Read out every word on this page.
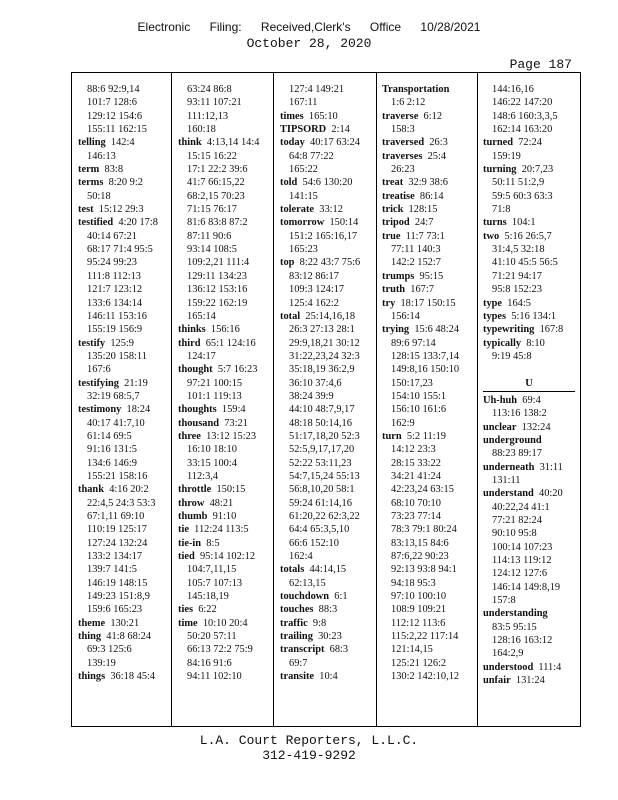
Electronic Filing: Received,Clerk's Office 10/28/2021
October 28, 2020
Page 187
88:6 92:9,14
101:7 128:6
129:12 154:6
155:11 162:15
telling  142:4
146:13
term  83:8
terms  8:20 9:2
50:18
test  15:12 29:3
testified  4:20 17:8
40:14 67:21
68:17 71:4 95:5
95:24 99:23
111:8 112:13
121:7 123:12
133:6 134:14
146:11 153:16
155:19 156:9
testify  125:9
135:20 158:11
167:6
testifying  21:19
32:19 68:5,7
testimony  18:24
40:17 41:7,10
61:14 69:5
91:16 131:5
134:6 146:9
155:21 158:16
thank  4:16 20:2
22:4,5 24:3 53:3
67:1,11 69:10
110:19 125:17
127:24 132:24
133:2 134:17
139:7 141:5
146:19 148:15
149:23 151:8,9
159:6 165:23
theme  130:21
thing  41:8 68:24
69:3 125:6
139:19
things  36:18 45:4
63:24 86:8
93:11 107:21
111:12,13
160:18
think  4:13,14 14:4
15:15 16:22
17:1 22:2 39:6
41:7 66:15,22
68:2,15 70:23
71:15 76:17
81:6 83:8 87:2
87:11 90:6
93:14 108:5
109:2,21 111:4
129:11 134:23
136:12 153:16
159:22 162:19
165:14
thinks  156:16
third  65:1 124:16
124:17
thought  5:7 16:23
97:21 100:15
101:1 119:13
thoughts  159:4
thousand  73:21
three  13:12 15:23
16:10 18:10
33:15 100:4
112:3,4
throttle  150:15
throw  48:21
thumb  91:10
tie  112:24 113:5
tie-in  8:5
tied  95:14 102:12
104:7,11,15
105:7 107:13
145:18,19
ties  6:22
time  10:10 20:4
50:20 57:11
66:13 72:2 75:9
84:16 91:6
94:11 102:10
127:4 149:21
167:11
times  165:10
TIPSORD  2:14
today  40:17 63:24
64:8 77:22
165:22
told  54:6 130:20
141:15
tolerate  33:12
tomorrow  150:14
151:2 165:16,17
165:23
top  8:22 43:7 75:6
83:12 86:17
109:3 124:17
125:4 162:2
total  25:14,16,18
26:3 27:13 28:1
29:9,18,21 30:12
31:22,23,24 32:3
35:18,19 36:2,9
36:10 37:4,6
38:24 39:9
44:10 48:7,9,17
48:18 50:14,16
51:17,18,20 52:3
52:5,9,17,17,20
52:22 53:11,23
54:7,15,24 55:13
56:8,10,20 58:1
59:24 61:14,16
61:20,22 62:3,22
64:4 65:3,5,10
66:6 152:10
162:4
totals  44:14,15
62:13,15
touchdown  6:1
touches  88:3
traffic  9:8
trailing  30:23
transcript  68:3
69:7
transite  10:4
Transportation
1:6 2:12
traverse  6:12
158:3
traversed  26:3
traverses  25:4
26:23
treat  32:9 38:6
treatise  86:14
trick  128:15
tripod  24:7
true  11:7 73:1
77:11 140:3
142:2 152:7
trumps  95:15
truth  167:7
try  18:17 150:15
156:14
trying  15:6 48:24
89:6 97:14
128:15 133:7,14
149:8,16 150:10
150:17,23
154:10 155:1
156:10 161:6
162:9
turn  5:2 11:19
14:12 23:3
28:15 33:22
34:21 41:24
42:23,24 63:15
68:10 70:10
73:23 77:14
78:3 79:1 80:24
83:13,15 84:6
87:6,22 90:23
92:13 93:8 94:1
94:18 95:3
97:10 100:10
108:9 109:21
112:12 113:6
115:2,22 117:14
121:14,15
125:21 126:2
130:2 142:10,12
144:16,16
146:22 147:20
148:6 160:3,3,5
162:14 163:20
turned  72:24
159:19
turning  20:7,23
50:11 51:2,9
59:5 60:3 63:3
71:8
turns  104:1
two  5:16 26:5,7
31:4,5 32:18
41:10 45:5 56:5
71:21 94:17
95:8 152:23
type  164:5
types  5:16 134:1
typewriting  167:8
typically  8:10
9:19 45:8

U
Uh-huh  69:4
113:16 138:2
unclear  132:24
underground
88:23 89:17
underneath  31:11
131:11
understand  40:20
40:22,24 41:1
77:21 82:24
90:10 95:8
100:14 107:23
114:13 119:12
124:12 127:6
146:14 149:8,19
157:8
understanding
83:5 95:15
128:16 163:12
164:2,9
understood  111:4
unfair  131:24
L.A. Court Reporters, L.L.C.
312-419-9292
